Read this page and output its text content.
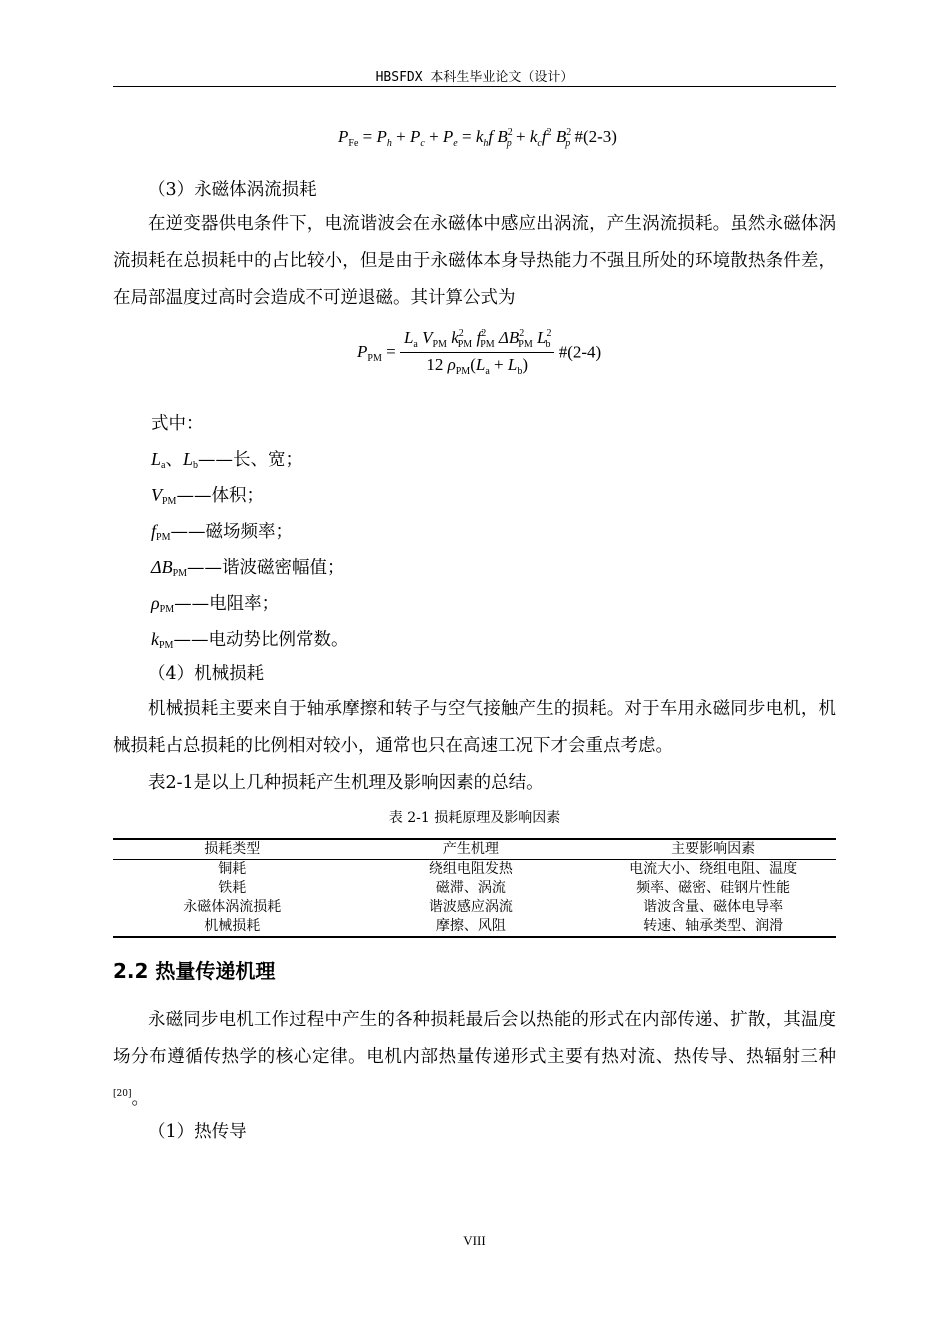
HBSFDX 本科生毕业论文（设计）
$P_{Fe} = P_h + P_c + P_e = k_hf$ $B^2_p + k_cf^2$ $B^2_p$ #(2-3)
（3）永磁体涡流损耗
在逆变器供电条件下，电流谐波会在永磁体中感应出涡流，产生涡流损耗。虽然永磁体涡流损耗在总损耗中的占比较小，但是由于永磁体本身导热能力不强且所处的环境散热条件差，在局部温度过高时会造成不可逆退磁。其计算公式为
$P_{PM} = \frac{L_a V_{PM} k^2_{PM} f^2_{PM} \Delta B^2_{PM} L^2_b}{12 \rho_{PM}(L_a + L_b)}$ #(2-4)
式中：
La、Lb——长、宽；
VPM——体积；
fPM——磁场频率；
ΔBPM——谐波磁密幅值；
ρPM——电阻率；
kPM——电动势比例常数。
（4）机械损耗
机械损耗主要来自于轴承摩擦和转子与空气接触产生的损耗。对于车用永磁同步电机，机械损耗占总损耗的比例相对较小，通常也只在高速工况下才会重点考虑。
表2-1是以上几种损耗产生机理及影响因素的总结。
表 2-1 损耗原理及影响因素
损耗类型	产生机理	主要影响因素
铜耗	绕组电阻发热	电流大小、绕组电阻、温度
铁耗	磁滞、涡流	频率、磁密、硅钢片性能
永磁体涡流损耗	谐波感应涡流	谐波含量、磁体电导率
机械损耗	摩擦、风阻	转速、轴承类型、润滑
2.2 热量传递机理
永磁同步电机工作过程中产生的各种损耗最后会以热能的形式在内部传递、扩散，其温度场分布遵循传热学的核心定律。电机内部热量传递形式主要有热对流、热传导、热辐射三种[20]。
（1）热传导
VIII
